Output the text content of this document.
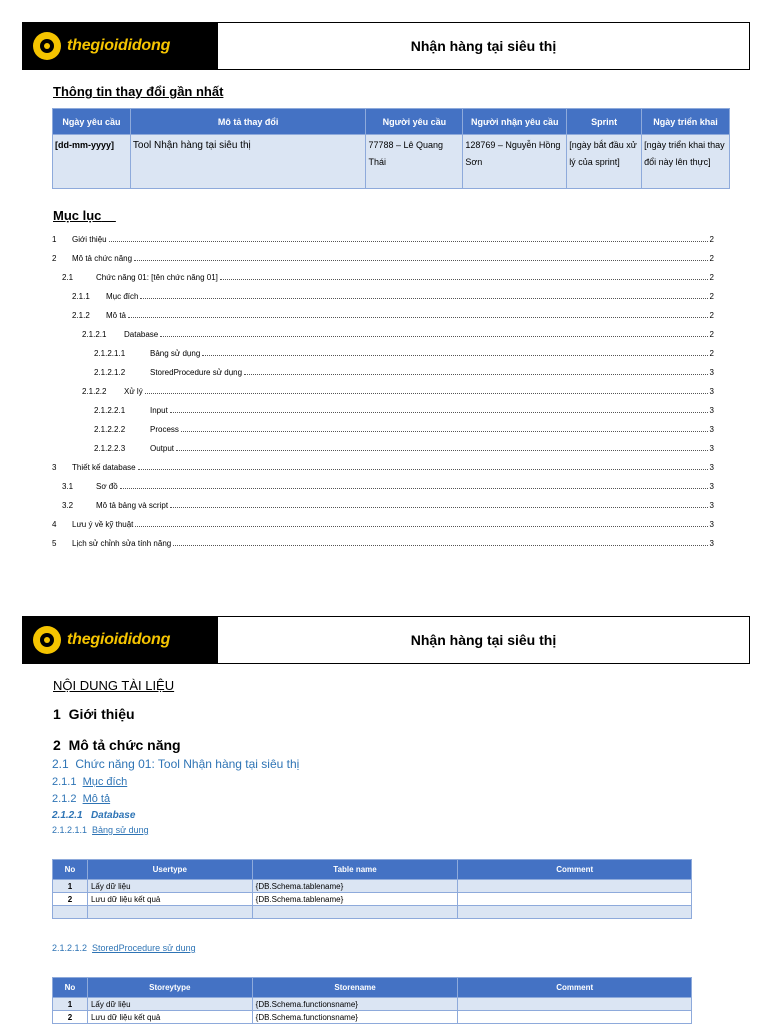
thegioididong	Nhận hàng tại siêu thị
Thông tin thay đổi gần nhất
Ngày yêu cầu	Mô tả thay đổi	Người yêu cầu	Người nhận yêu cầu	Sprint	Ngày triển khai
[dd-mm-yyyy]	Tool Nhận hàng tại siêu thị	77788 – Lê Quang Thái	128769 – Nguyễn Hồng Sơn	[ngày bắt đầu xử lý của sprint]	[ngày triển khai thay đổi này lên thực]
Mục lục
1	Giới thiệu	2
2	Mô tả chức năng	2
2.1	Chức năng 01: [tên chức năng 01]	2
2.1.1	Mục đích	2
2.1.2	Mô tả	2
2.1.2.1	Database	2
2.1.2.1.1	Bảng sử dụng	2
2.1.2.1.2	StoredProcedure sử dụng	3
2.1.2.2	Xử lý	3
2.1.2.2.1	Input	3
2.1.2.2.2	Process	3
2.1.2.2.3	Output	3
3	Thiết kế database	3
3.1	Sơ đồ	3
3.2	Mô tả bảng và script	3
4	Lưu ý về kỹ thuật	3
5	Lịch sử chỉnh sửa tính năng	3
thegioididong	Nhận hàng tại siêu thị
NỘI DUNG TÀI LIỆU
1 Giới thiệu
2 Mô tả chức năng
2.1 Chức năng 01: Tool Nhận hàng tại siêu thị
2.1.1 Mục đích
2.1.2 Mô tả
2.1.2.1 Database
2.1.2.1.1 Bảng sử dụng
No	Usertype	Table name	Comment
1	Lấy dữ liệu	{DB.Schema.tablename}	
2	Lưu dữ liệu kết quả	{DB.Schema.tablename}	

2.1.2.1.2 StoredProcedure sử dụng
No	Storeytype	Storename	Comment
1	Lấy dữ liệu	{DB.Schema.functionsname}	
2	Lưu dữ liệu kết quả	{DB.Schema.functionsname}	
